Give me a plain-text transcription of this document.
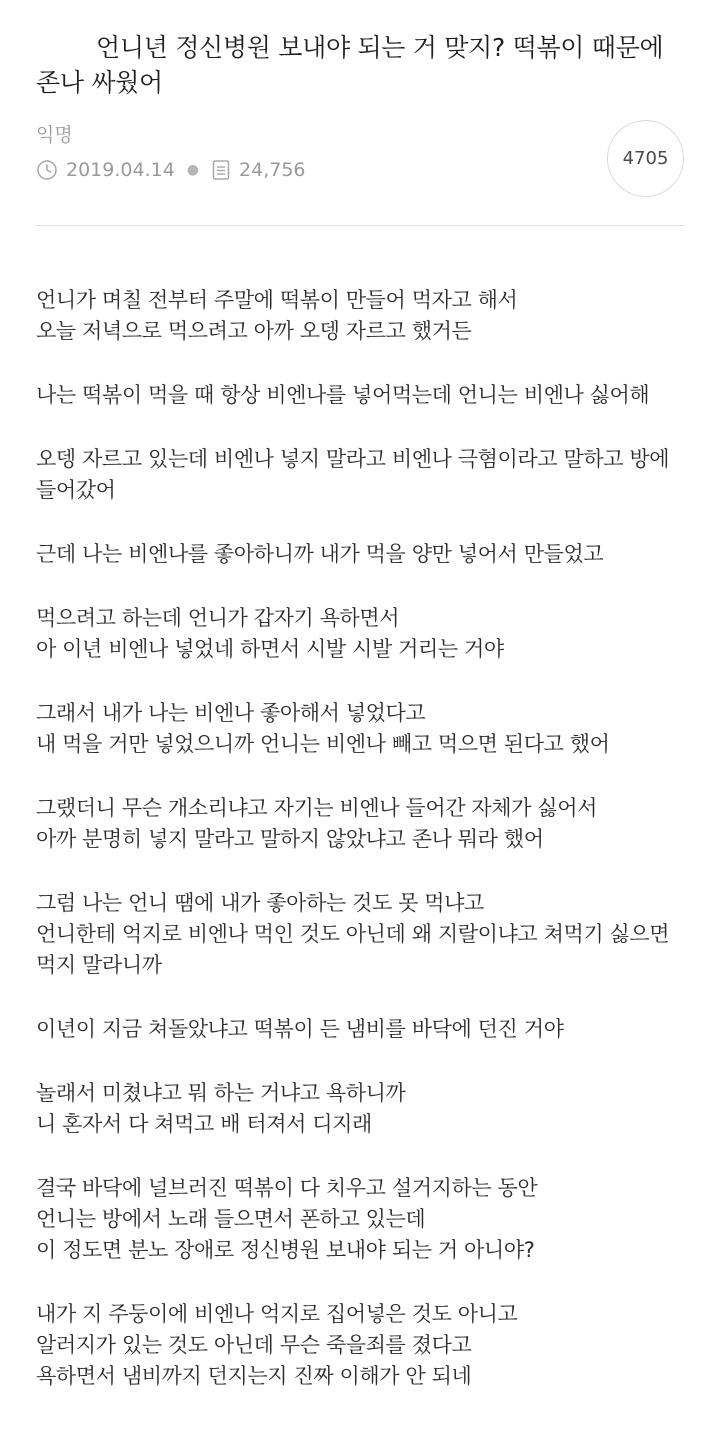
언니년 정신병원 보내야 되는 거 맞지? 떡볶이 때문에 존나 싸웠어
익명
2019.04.14 ● 24,756
4705

언니가 며칠 전부터 주말에 떡볶이 만들어 먹자고 해서
오늘 저녁으로 먹으려고 아까 오뎅 자르고 했거든

나는 떡볶이 먹을 때 항상 비엔나를 넣어먹는데 언니는 비엔나 싫어해

오뎅 자르고 있는데 비엔나 넣지 말라고 비엔나 극혐이라고 말하고 방에
들어갔어

근데 나는 비엔나를 좋아하니까 내가 먹을 양만 넣어서 만들었고

먹으려고 하는데 언니가 갑자기 욕하면서
아 이년 비엔나 넣었네 하면서 시발 시발 거리는 거야

그래서 내가 나는 비엔나 좋아해서 넣었다고
내 먹을 거만 넣었으니까 언니는 비엔나 빼고 먹으면 된다고 했어

그랬더니 무슨 개소리냐고 자기는 비엔나 들어간 자체가 싫어서
아까 분명히 넣지 말라고 말하지 않았냐고 존나 뭐라 했어

그럼 나는 언니 땜에 내가 좋아하는 것도 못 먹냐고
언니한테 억지로 비엔나 먹인 것도 아닌데 왜 지랄이냐고 쳐먹기 싫으면
먹지 말라니까

이년이 지금 쳐돌았냐고 떡볶이 든 냄비를 바닥에 던진 거야

놀래서 미쳤냐고 뭐 하는 거냐고 욕하니까
니 혼자서 다 쳐먹고 배 터져서 디지래

결국 바닥에 널브러진 떡볶이 다 치우고 설거지하는 동안
언니는 방에서 노래 들으면서 폰하고 있는데
이 정도면 분노 장애로 정신병원 보내야 되는 거 아니야?

내가 지 주둥이에 비엔나 억지로 집어넣은 것도 아니고
알러지가 있는 것도 아닌데 무슨 죽을죄를 졌다고
욕하면서 냄비까지 던지는지 진짜 이해가 안 되네
